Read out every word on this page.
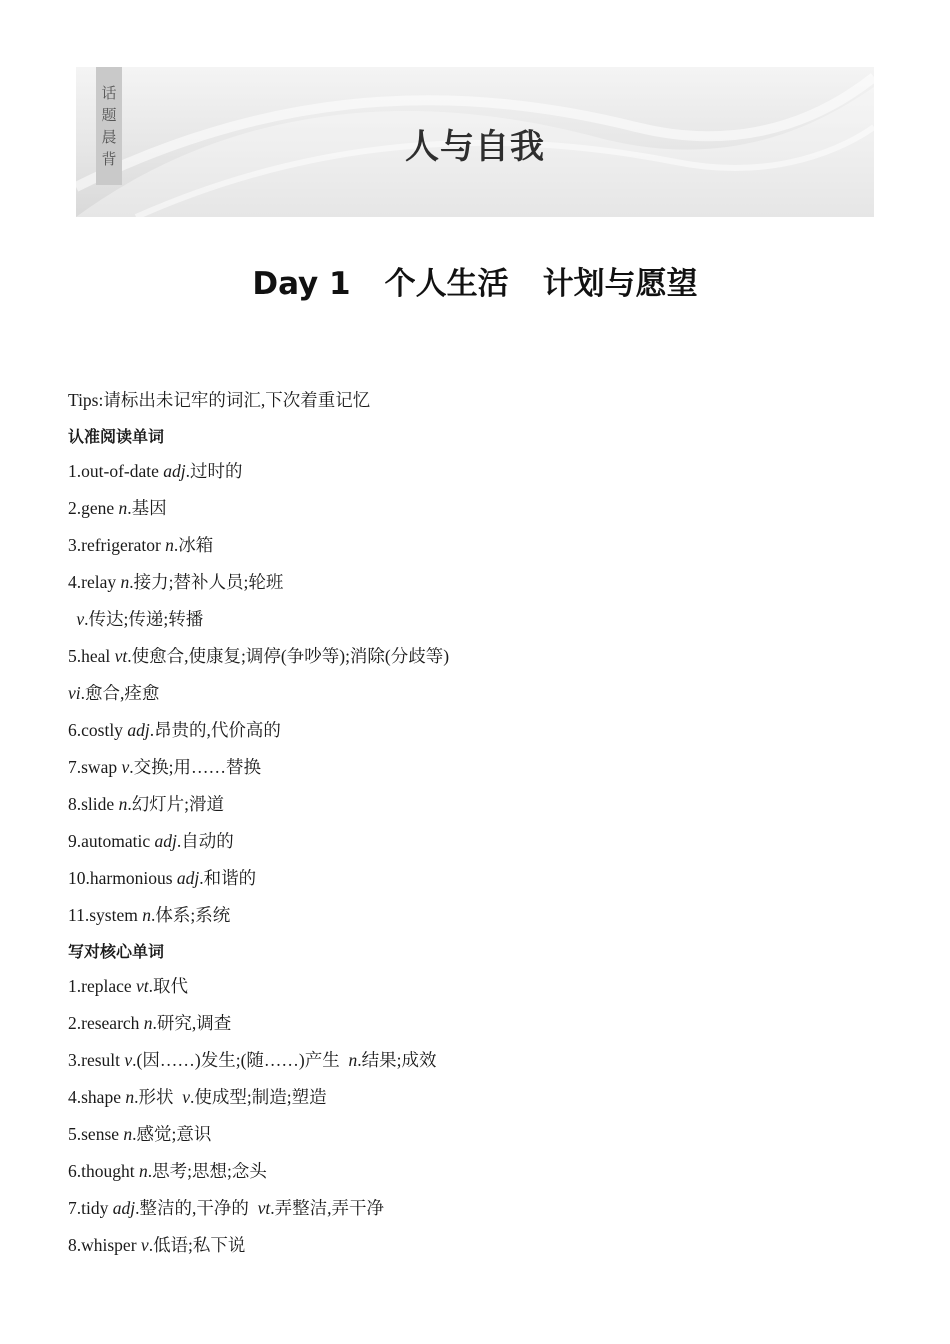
话
题
晨
背	人与自我
Day 1 个人生活 计划与愿望
Tips:请标出未记牢的词汇,下次着重记忆
认准阅读单词
1.out-of-date adj.过时的
2.gene n.基因
3.refrigerator n.冰箱
4.relay n.接力;替补人员;轮班
v.传达;传递;转播
5.heal vt.使愈合,使康复;调停(争吵等);消除(分歧等)
vi.愈合,痊愈
6.costly adj.昂贵的,代价高的
7.swap v.交换;用……替换
8.slide n.幻灯片;滑道
9.automatic adj.自动的
10.harmonious adj.和谐的
11.system n.体系;系统
写对核心单词
1.replace vt.取代
2.research n.研究,调查
3.result v.(因……)发生;(随……)产生  n.结果;成效
4.shape n.形状  v.使成型;制造;塑造
5.sense n.感觉;意识
6.thought n.思考;思想;念头
7.tidy adj.整洁的,干净的  vt.弄整洁,弄干净
8.whisper v.低语;私下说
